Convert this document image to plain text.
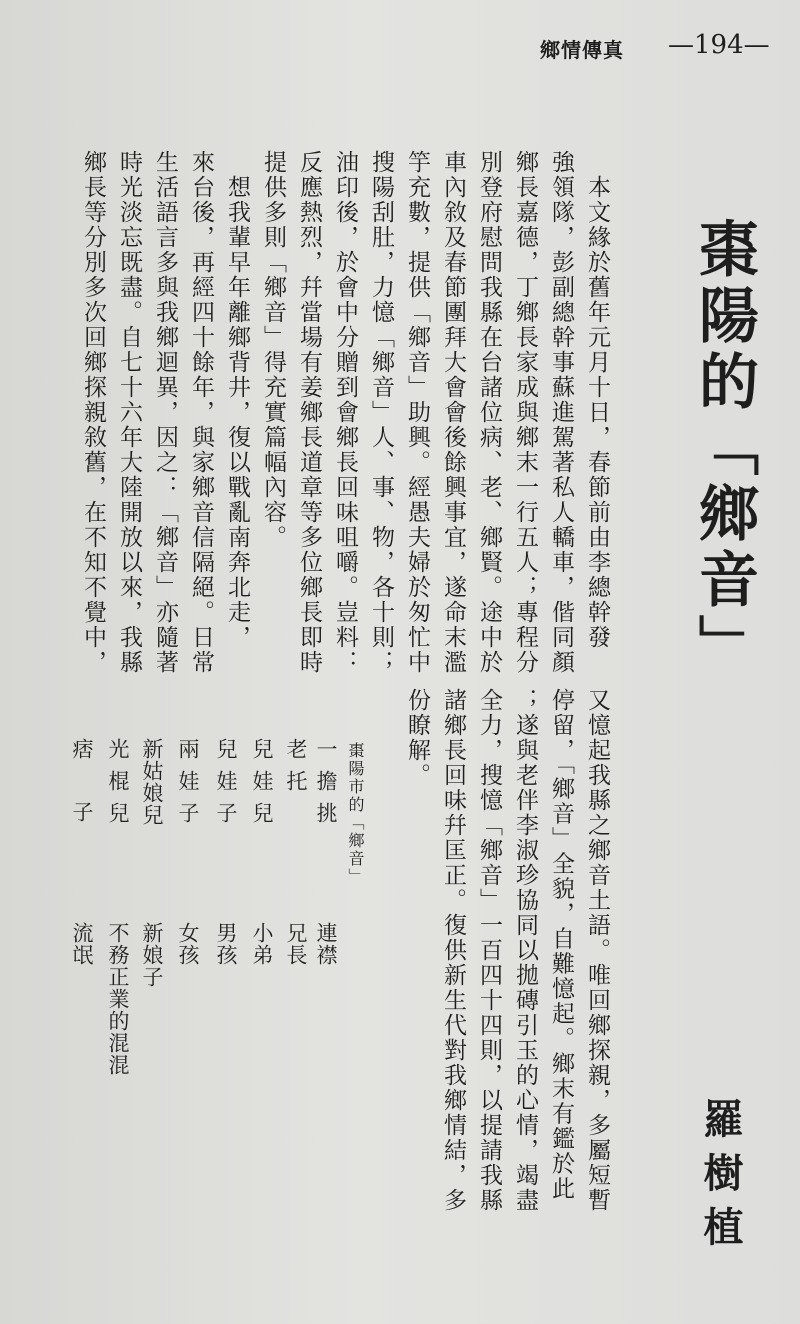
鄉情傳真 —194—
棗陽的「鄉音」
羅樹植
　本文緣於舊年元月十日，春節前由李總幹發
強領隊，彭副總幹事蘇進駕著私人轎車，偕同顏
鄉長嘉德，丁鄉長家成與鄉末一行五人；專程分
別登府慰問我縣在台諸位病、老、鄉賢。途中於
車內敘及春節團拜大會會後餘興事宜，遂命末濫
竽充數，提供「鄉音」助興。經愚夫婦於匆忙中
搜陽刮肚，力憶「鄉音」人、事、物，各十則；
油印後，於會中分贈到會鄉長回味咀嚼。豈料：
反應熱烈，幷當場有姜鄉長道章等多位鄉長即時
提供多則「鄉音」得充實篇幅內容。
　想我輩早年離鄉背井，復以戰亂南奔北走，
來台後，再經四十餘年，與家鄉音信隔絕。日常
生活語言多與我鄉迴異，因之：「鄉音」亦隨著
時光淡忘既盡。自七十六年大陸開放以來，我縣
鄉長等分別多次回鄉探親敘舊，在不知不覺中，
又憶起我縣之鄉音土語。唯回鄉探親，多屬短暫
停留，「鄉音」全貌，自難憶起。鄉末有鑑於此
；遂與老伴李淑珍協同以拋磚引玉的心情，竭盡
全力，搜憶「鄉音」一百四十四則，以提請我縣
諸鄉長回味幷匡正。復供新生代對我鄉情結，多
份瞭解。
棗陽市的「鄉音」
一擔挑
老托
兒娃兒
兒娃子
兩娃子
新姑娘兒
光棍兒
痞子
連襟
兄長
小弟
男孩
女孩
新娘子
不務正業的混混
流氓
